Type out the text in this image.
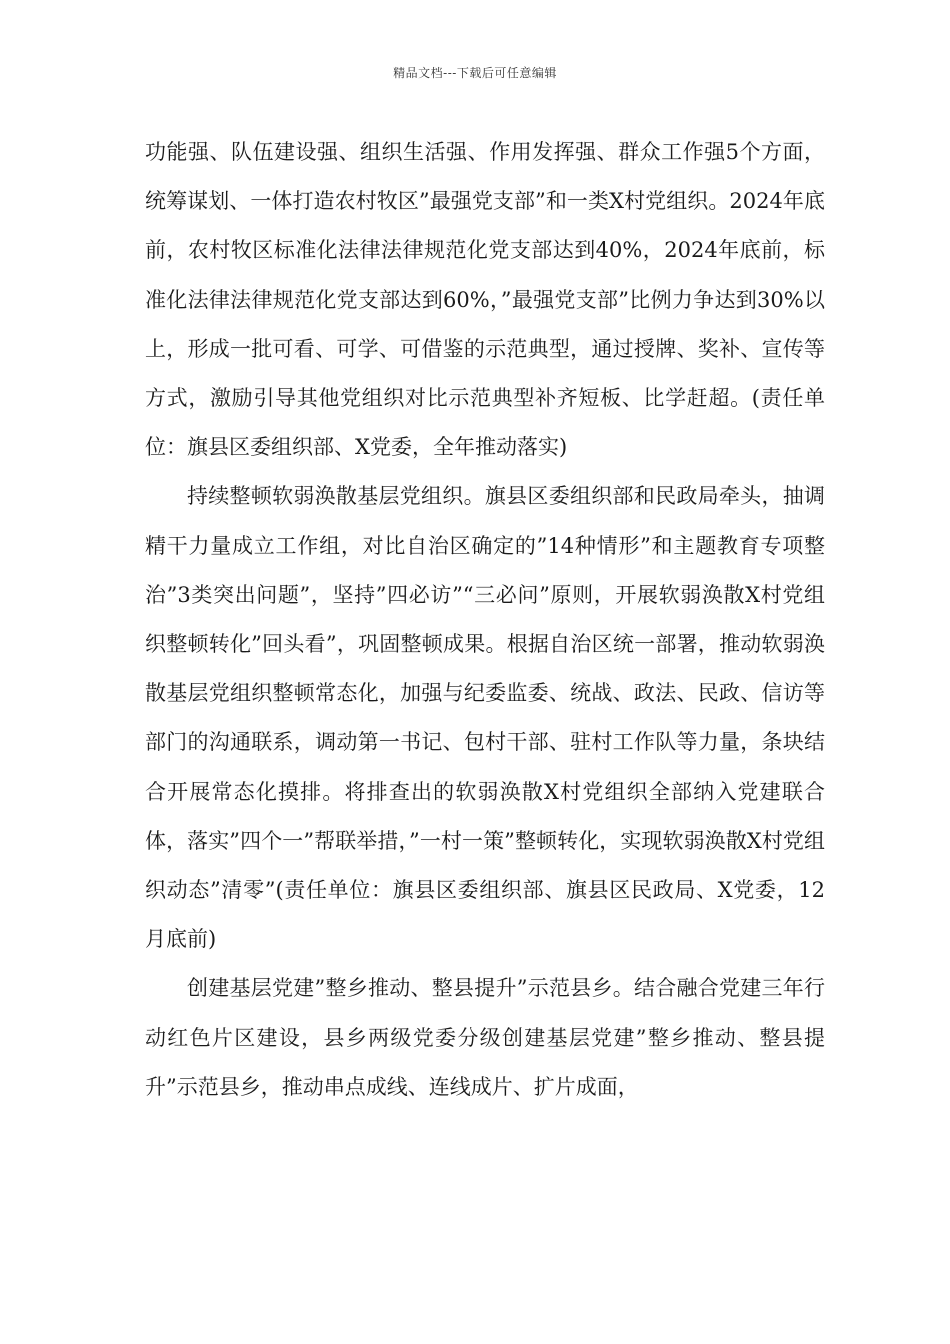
精品文档---下载后可任意编辑

功能强、队伍建设强、组织生活强、作用发挥强、群众工作强5个方面，统筹谋划、一体打造农村牧区”最强党支部”和一类X村党组织。2024年底前，农村牧区标准化法律法律规范化党支部达到40%，2024年底前，标准化法律法律规范化党支部达到60%，”最强党支部”比例力争达到30%以上，形成一批可看、可学、可借鉴的示范典型，通过授牌、奖补、宣传等方式，激励引导其他党组织对比示范典型补齐短板、比学赶超。(责任单位：旗县区委组织部、X党委，全年推动落实)

持续整顿软弱涣散基层党组织。旗县区委组织部和民政局牵头，抽调精干力量成立工作组，对比自治区确定的”14种情形”和主题教育专项整治”3类突出问题”，坚持”四必访”“三必问”原则，开展软弱涣散X村党组织整顿转化”回头看”，巩固整顿成果。根据自治区统一部署，推动软弱涣散基层党组织整顿常态化，加强与纪委监委、统战、政法、民政、信访等部门的沟通联系，调动第一书记、包村干部、驻村工作队等力量，条块结合开展常态化摸排。将排查出的软弱涣散X村党组织全部纳入党建联合体，落实”四个一”帮联举措，”一村一策”整顿转化，实现软弱涣散X村党组织动态”清零”(责任单位：旗县区委组织部、旗县区民政局、X党委，12月底前)

创建基层党建”整乡推动、整县提升”示范县乡。结合融合党建三年行动红色片区建设，县乡两级党委分级创建基层党建”整乡推动、整县提升”示范县乡，推动串点成线、连线成片、扩片成面，
